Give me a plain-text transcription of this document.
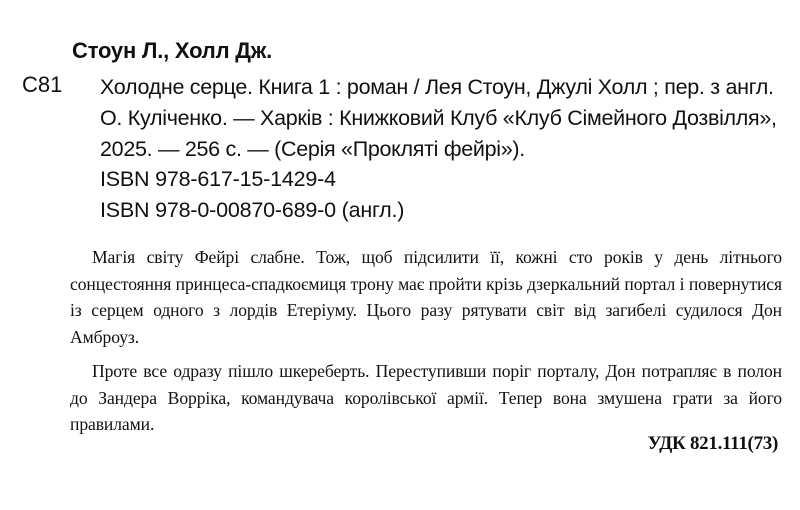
Стоун Л., Холл Дж.
С81 Холодне серце. Книга 1 : роман / Лея Стоун, Джулі Холл ; пер. з англ. О. Куліченко. — Харків : Книжковий Клуб «Клуб Сімейного Дозвілля», 2025. — 256 с. — (Серія «Прокляті фейрі»).
ISBN 978-617-15-1429-4
ISBN 978-0-00870-689-0 (англ.)

Магія світу Фейрі слабне. Тож, щоб підсилити її, кожні сто років у день літнього сонцестояння принцеса-спадкоємиця трону має пройти крізь дзеркальний портал і повернутися із серцем одного з лордів Етеріуму. Цього разу рятувати світ від загибелі судилося Дон Амброуз.

Проте все одразу пішло шкереберть. Переступивши поріг порталу, Дон потрапляє в полон до Зандера Ворріка, командувача королівської армії. Тепер вона змушена грати за його правилами.

УДК 821.111(73)
